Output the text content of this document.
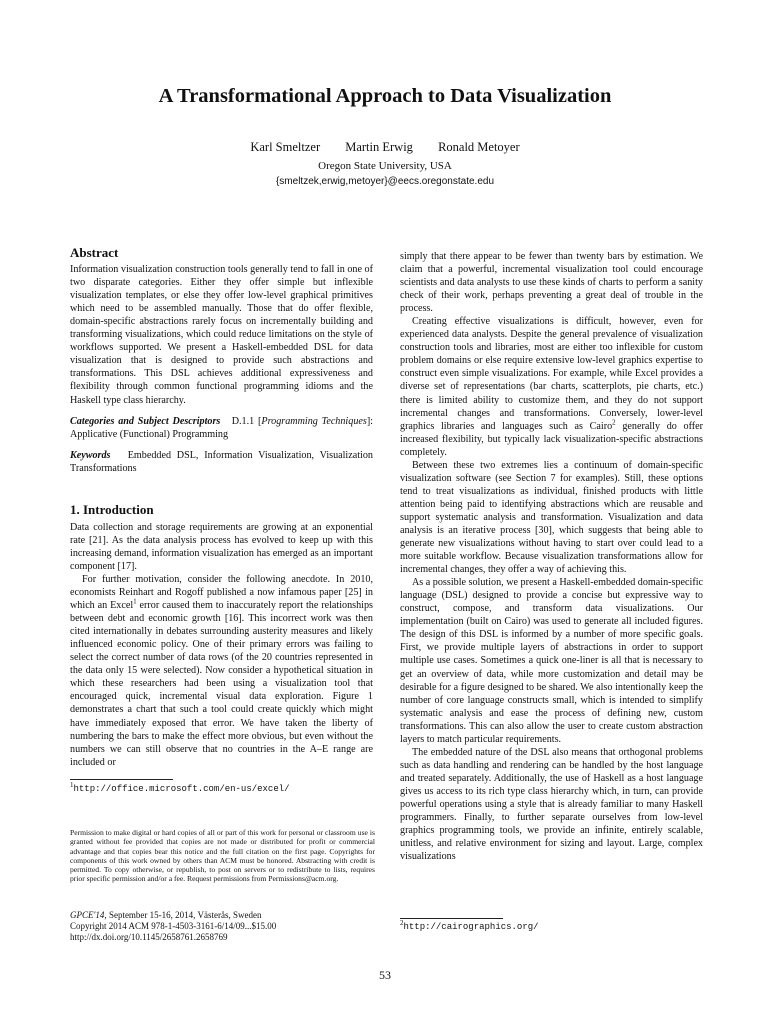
A Transformational Approach to Data Visualization
Karl Smeltzer Martin Erwig Ronald Metoyer
Oregon State University, USA
{smeltzek,erwig,metoyer}@eecs.oregonstate.edu
Abstract

Information visualization construction tools generally tend to fall in one of two disparate categories. Either they offer simple but inflexible visualization templates, or else they offer low-level graphical primitives which need to be assembled manually. Those that do offer flexible, domain-specific abstractions rarely focus on incrementally building and transforming visualizations, which could reduce limitations on the style of workflows supported. We present a Haskell-embedded DSL for data visualization that is designed to provide such abstractions and transformations. This DSL achieves additional expressiveness and flexibility through common functional programming idioms and the Haskell type class hierarchy.

Categories and Subject Descriptors D.1.1 [Programming Techniques]: Applicative (Functional) Programming

Keywords Embedded DSL, Information Visualization, Visualization Transformations

1. Introduction

Data collection and storage requirements are growing at an exponential rate [21]. As the data analysis process has evolved to keep up with this increasing demand, information visualization has emerged as an important component [17].

For further motivation, consider the following anecdote. In 2010, economists Reinhart and Rogoff published a now infamous paper [25] in which an Excel$^1$ error caused them to inaccurately report the relationships between debt and economic growth [16]. This incorrect work was then cited internationally in debates surrounding austerity measures and likely influenced economic policy. One of their primary errors was failing to select the correct number of data rows (of the 20 countries represented in the data only 15 were selected). Now consider a hypothetical situation in which these researchers had been using a visualization tool that encouraged quick, incremental visual data exploration. Figure 1 demonstrates a chart that such a tool could create quickly which might have immediately exposed that error. We have taken the liberty of numbering the bars to make the effect more obvious, but even without the numbers we can still observe that no countries in the A–E range are included or

$^1$http://office.microsoft.com/en-us/excel/
Permission to make digital or hard copies of all or part of this work for personal or classroom use is granted without fee provided that copies are not made or distributed for profit or commercial advantage and that copies bear this notice and the full citation on the first page. Copyrights for components of this work owned by others than ACM must be honored. Abstracting with credit is permitted. To copy otherwise, or republish, to post on servers or to redistribute to lists, requires prior specific permission and/or a fee. Request permissions from Permissions@acm.org.
GPCE'14, September 15-16, 2014, Västerås, Sweden
Copyright 2014 ACM 978-1-4503-3161-6/14/09...$15.00
http://dx.doi.org/10.1145/2658761.2658769

simply that there appear to be fewer than twenty bars by estimation. We claim that a powerful, incremental visualization tool could encourage scientists and data analysts to use these kinds of charts to perform a sanity check of their work, perhaps preventing a great deal of trouble in the process.

Creating effective visualizations is difficult, however, even for experienced data analysts. Despite the general prevalence of visualization construction tools and libraries, most are either too inflexible for custom problem domains or else require extensive low-level graphics expertise to construct even simple visualizations. For example, while Excel provides a diverse set of representations (bar charts, scatterplots, pie charts, etc.) there is limited ability to customize them, and they do not support incremental changes and transformations. Conversely, lower-level graphics libraries and languages such as Cairo$^2$ generally do offer increased flexibility, but typically lack visualization-specific abstractions completely.

Between these two extremes lies a continuum of domain-specific visualization software (see Section 7 for examples). Still, these options tend to treat visualizations as individual, finished products with little attention being paid to identifying abstractions which are reusable and support systematic analysis and transformation. Visualization and data analysis is an iterative process [30], which suggests that being able to generate new visualizations without having to start over could lead to a more suitable workflow. Because visualization transformations allow for incremental changes, they offer a way of achieving this.

As a possible solution, we present a Haskell-embedded domain-specific language (DSL) designed to provide a concise but expressive way to construct, compose, and transform data visualizations. Our implementation (built on Cairo) was used to generate all included figures. The design of this DSL is informed by a number of more specific goals. First, we provide multiple layers of abstractions in order to support multiple use cases. Sometimes a quick one-liner is all that is necessary to get an overview of data, while more customization and detail may be desirable for a figure designed to be shared. We also intentionally keep the number of core language constructs small, which is intended to simplify systematic analysis and ease the process of defining new, custom transformations. This can also allow the user to create custom abstraction layers to match particular requirements.

The embedded nature of the DSL also means that orthogonal problems such as data handling and rendering can be handled by the host language and treated separately. Additionally, the use of Haskell as a host language gives us access to its rich type class hierarchy which, in turn, can provide powerful operations using a style that is already familiar to many Haskell programmers. Finally, to further separate ourselves from low-level graphics programming tools, we provide an infinite, entirely scalable, unitless, and relative environment for sizing and layout. Large, complex visualizations

$^2$http://cairographics.org/
53
